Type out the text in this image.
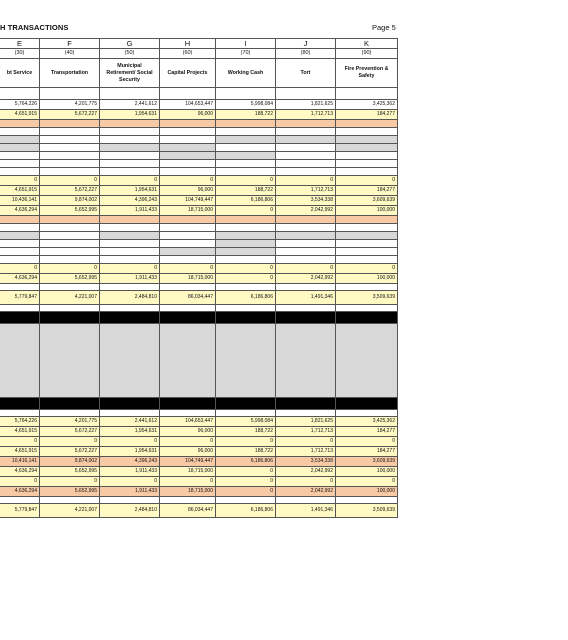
H TRANSACTIONS	Page 5
E	F	G	H	I	J	K
(30)	(40)	(50)	(60)	(70)	(80)	(90)
bt Service	Transportation	Municipal Retirement/ Social Security	Capital Projects	Working Cash	Tort	Fire Prevention & Safety

5,764,226	4,201,775	2,441,612	104,653,447	5,998,084	1,821,625	3,425,362
4,651,915	5,672,227	1,954,631	96,000	188,722	1,712,713	184,277

0	0	0	0	0	0	0
4,651,915	5,672,227	1,954,631	96,000	188,722	1,712,713	184,277
10,436,141	9,874,002	4,396,243	104,749,447	6,186,806	3,534,338	3,609,639
4,636,294	5,652,995	1,911,433	18,715,000	0	2,042,992	100,000

0	0	0	0	0	0	0
4,636,294	5,652,995	1,911,433	18,715,000	0	2,042,992	100,000

5,779,847	4,221,007	2,484,810	86,034,447	6,186,806	1,491,346	3,509,639

5,764,226	4,201,775	2,441,612	104,653,447	5,998,084	1,821,625	3,425,362
4,651,915	5,672,227	1,954,631	96,000	188,722	1,712,713	184,277
0	0	0	0	0	0	0
4,651,915	5,672,227	1,954,631	96,000	188,722	1,712,713	184,277
10,416,141	9,874,002	4,396,243	104,749,447	6,186,806	3,534,338	3,609,639
4,636,294	5,652,995	1,911,433	18,715,000	0	2,042,992	100,000
0	0	0	0	0	0	0
4,636,294	5,652,995	1,911,433	18,715,000	0	2,042,992	100,000

5,779,847	4,221,007	2,484,810	86,034,447	6,186,806	1,491,346	3,509,639
